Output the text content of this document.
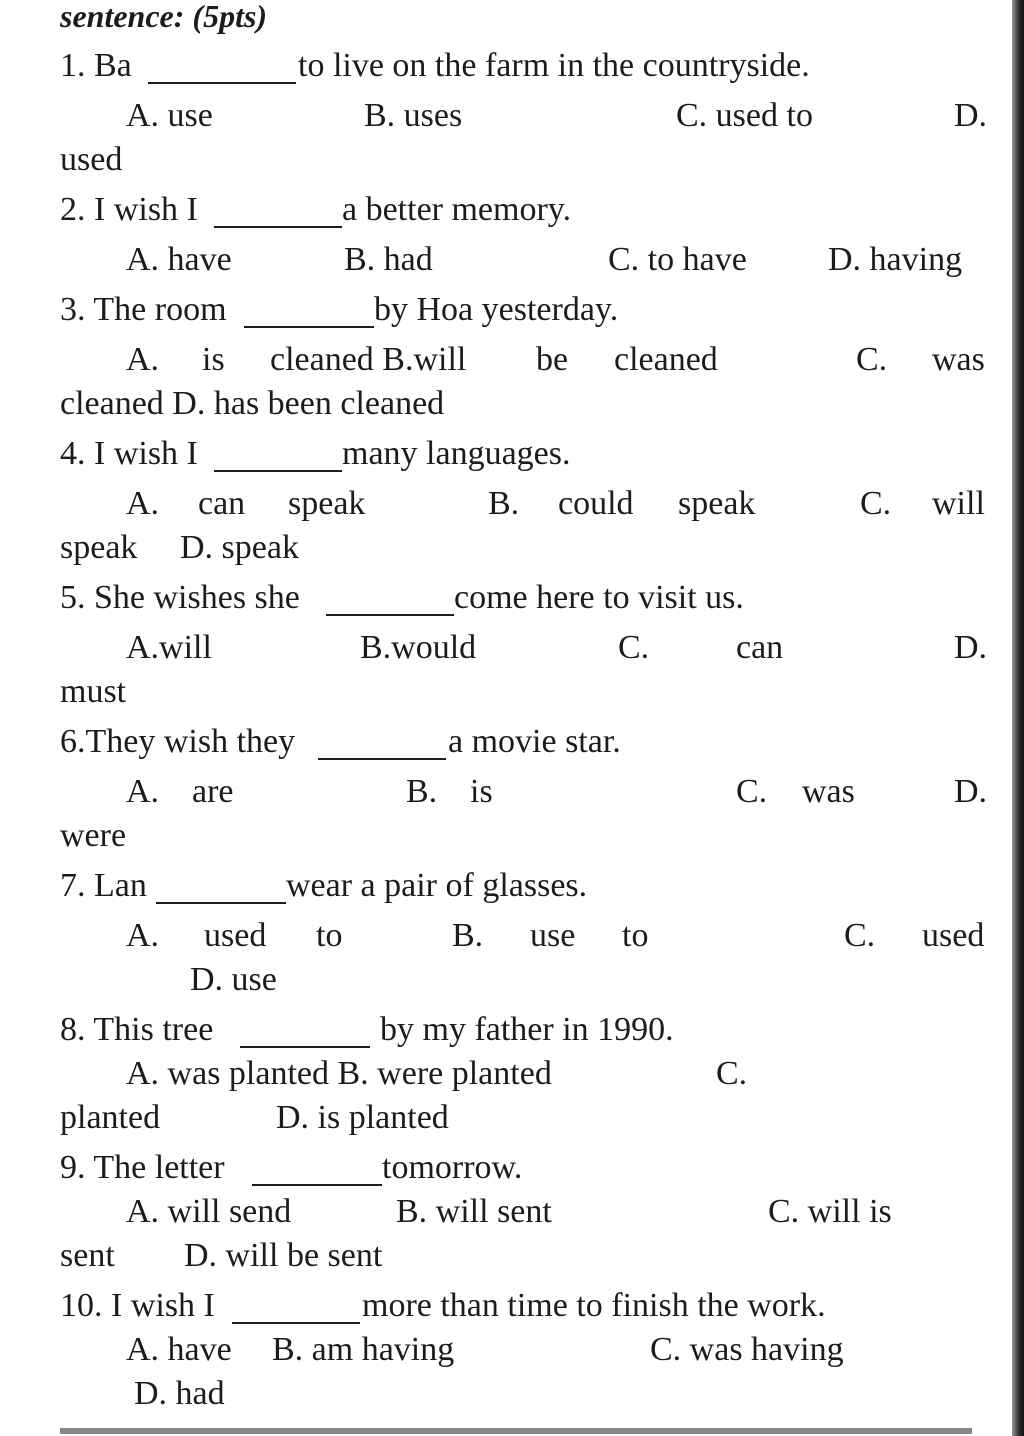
sentence: (5pts)
1. Ba	to live on the farm in the countryside.
A. use	B. uses	C. used to	D.
used
2. I wish I	a better memory.
A. have	B. had	C. to have D. having
3. The room	by Hoa yesterday.
A. is cleaned B.will be cleaned	C. was
cleaned D. has been cleaned
4. I wish I	many languages.
A. can speak	B. could speak	C. will
speak D. speak
5. She wishes she	come here to visit us.
A.will	B.would	C.	can	D.
must
6.They wish they	a movie star.
A. are	B. is	C. was	D.
were
7. Lan	wear a pair of glasses.
A. used to	B. use to	C. used
D. use
8. This tree	by my father in 1990.
A. was planted B. were planted	C.
planted	D. is planted
9. The letter	tomorrow.
A. will send	B. will sent	C. will is
sent D. will be sent
10. I wish I	more than time to finish the work.
A. have B. am having	C. was having
D. had
